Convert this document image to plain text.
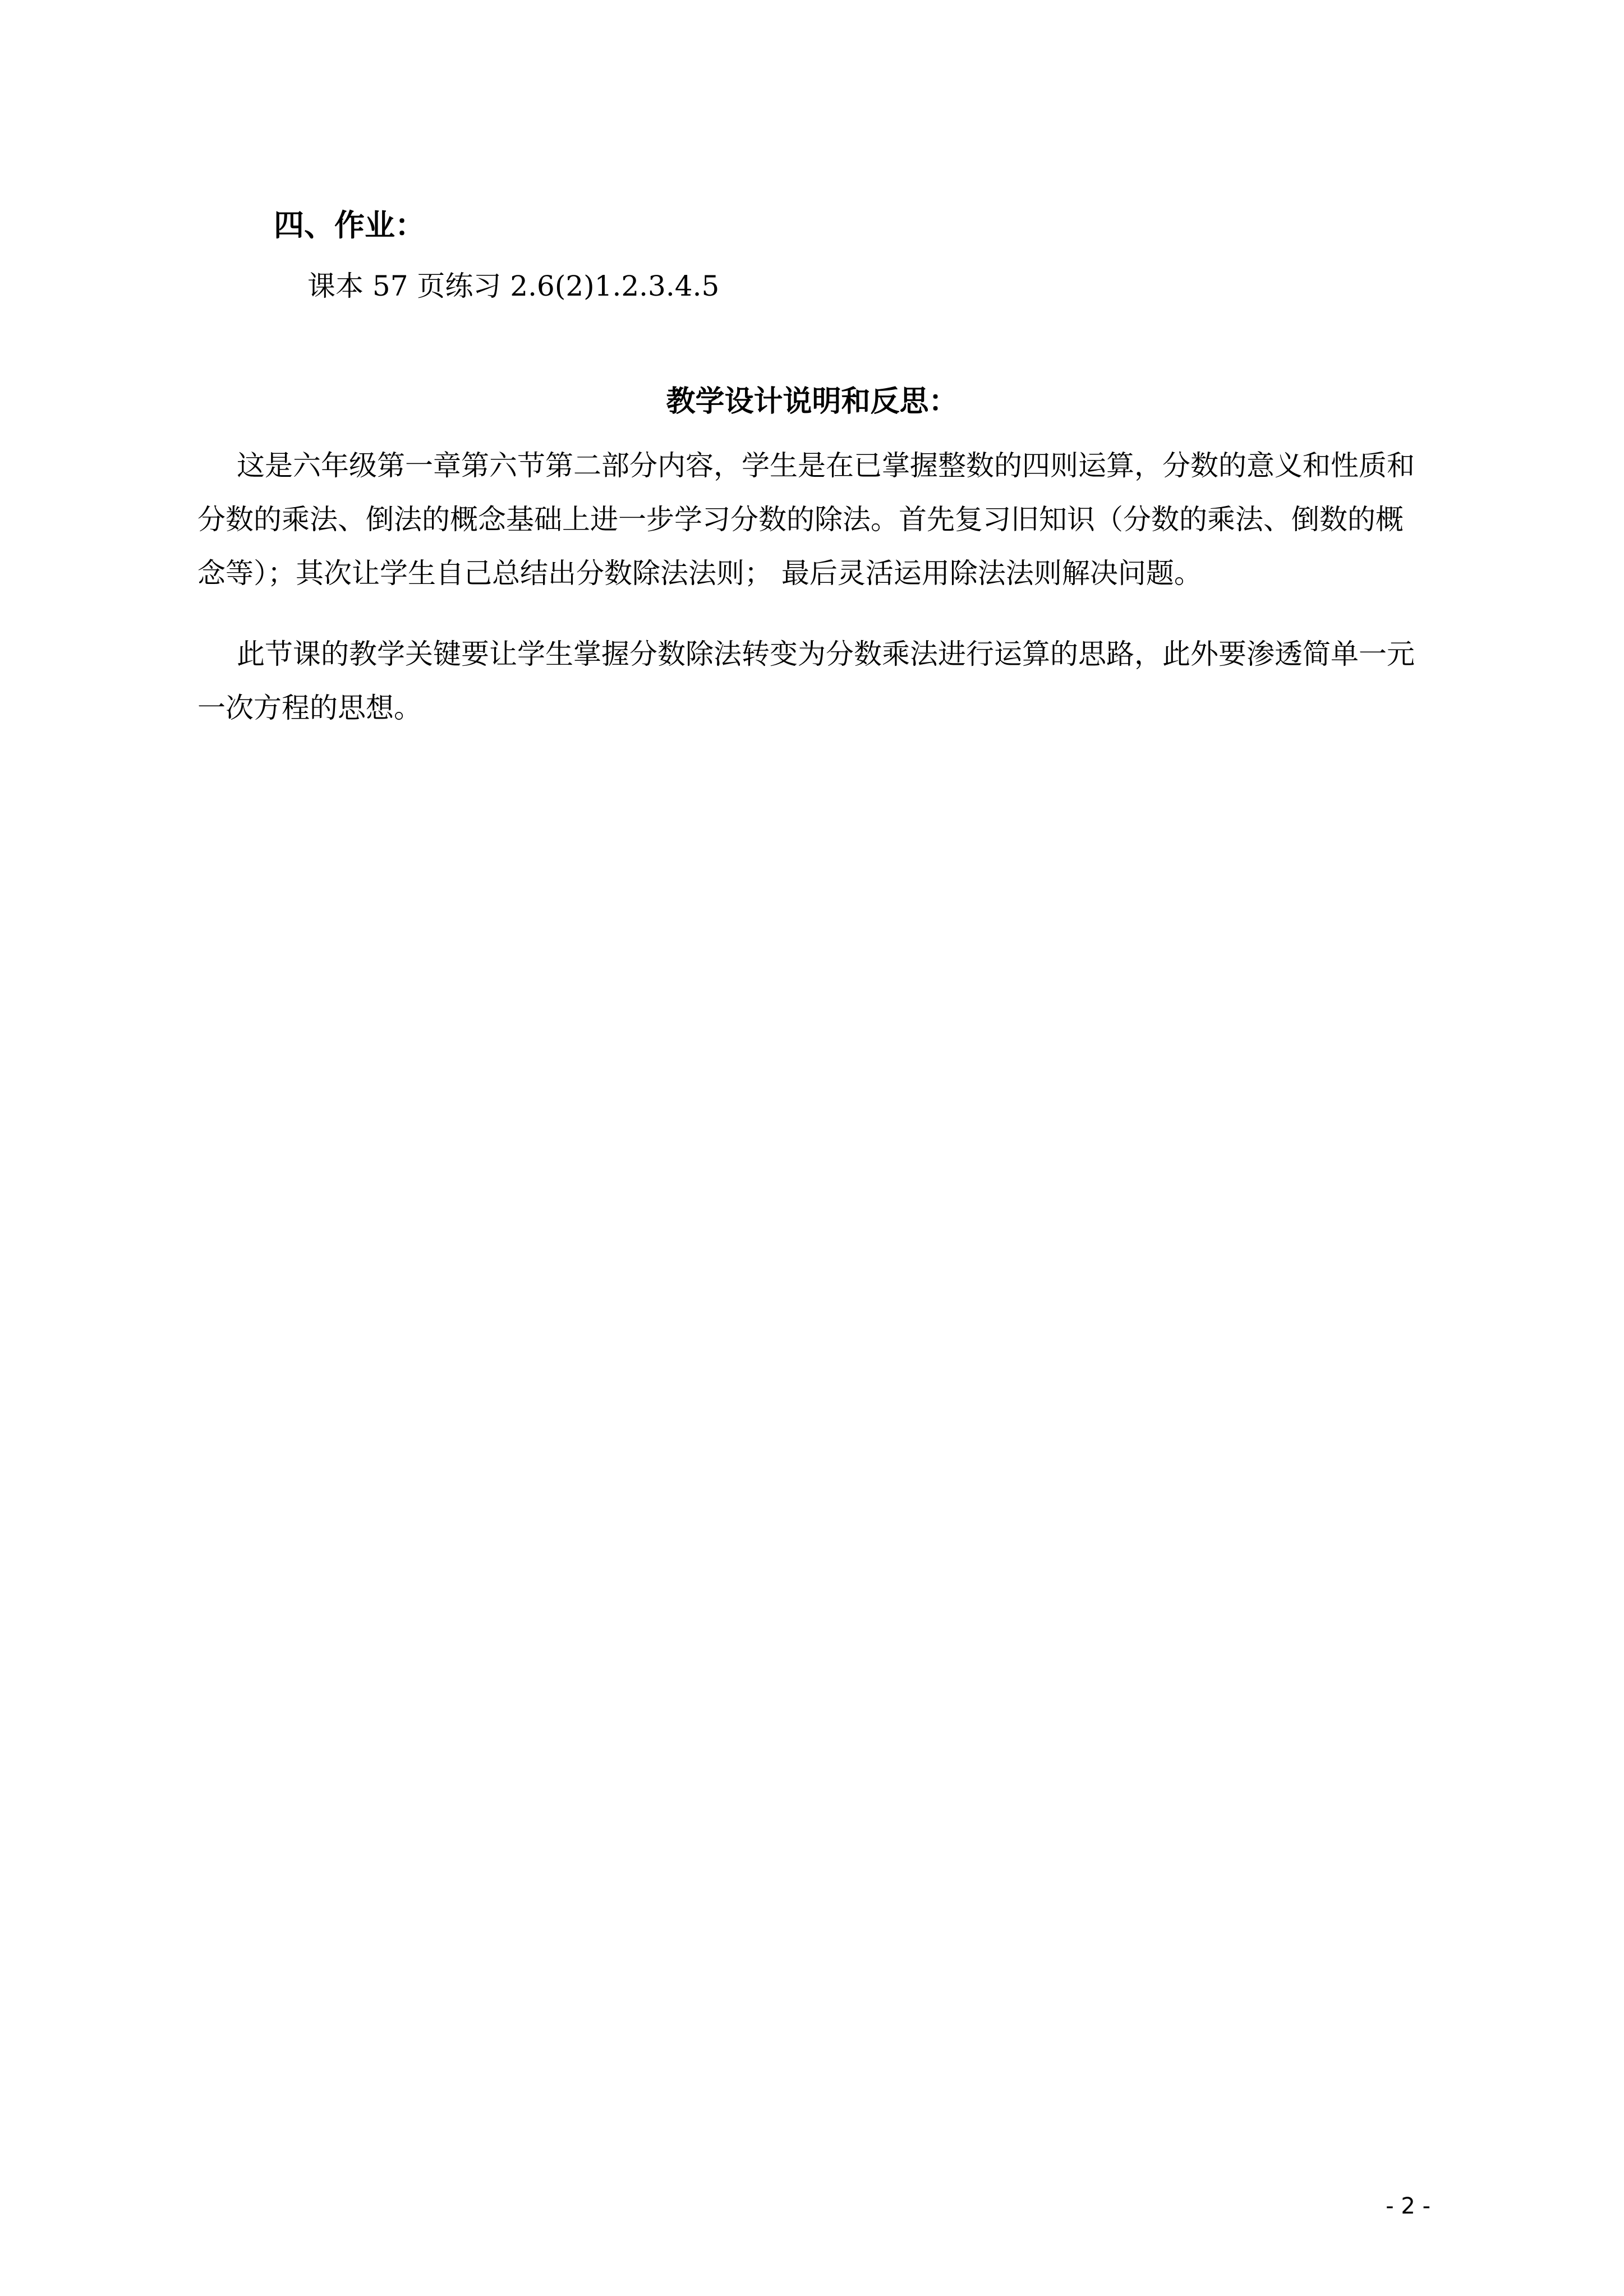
四、作业：
课本 57 页练习 2.6(2)1.2.3.4.5
教学设计说明和反思：
这是六年级第一章第六节第二部分内容，学生是在已掌握整数的四则运算，分数的意义和性质和
分数的乘法、倒法的概念基础上进一步学习分数的除法。首先复习旧知识（分数的乘法、倒数的概
念等）；其次让学生自己总结出分数除法法则； 最后灵活运用除法法则解决问题。
此节课的教学关键要让学生掌握分数除法转变为分数乘法进行运算的思路，此外要渗透简单一元
一次方程的思想。
- 2 -
